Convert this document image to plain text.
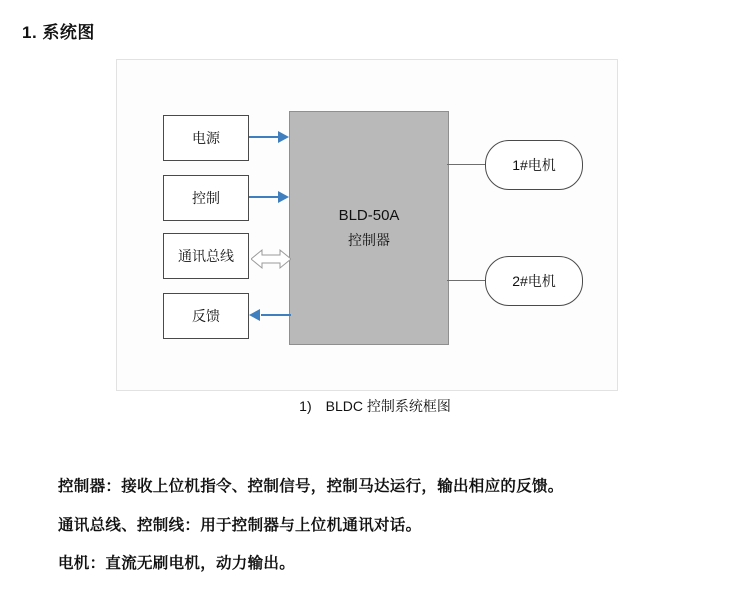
1. 系统图
BLD-50A
控制器
电源
控制
通讯总线
反馈
1#电机
2#电机
1) BLDC 控制系统框图
控制器：接收上位机指令、控制信号，控制马达运行，输出相应的反馈。
通讯总线、控制线：用于控制器与上位机通讯对话。
电机：直流无刷电机，动力输出。
